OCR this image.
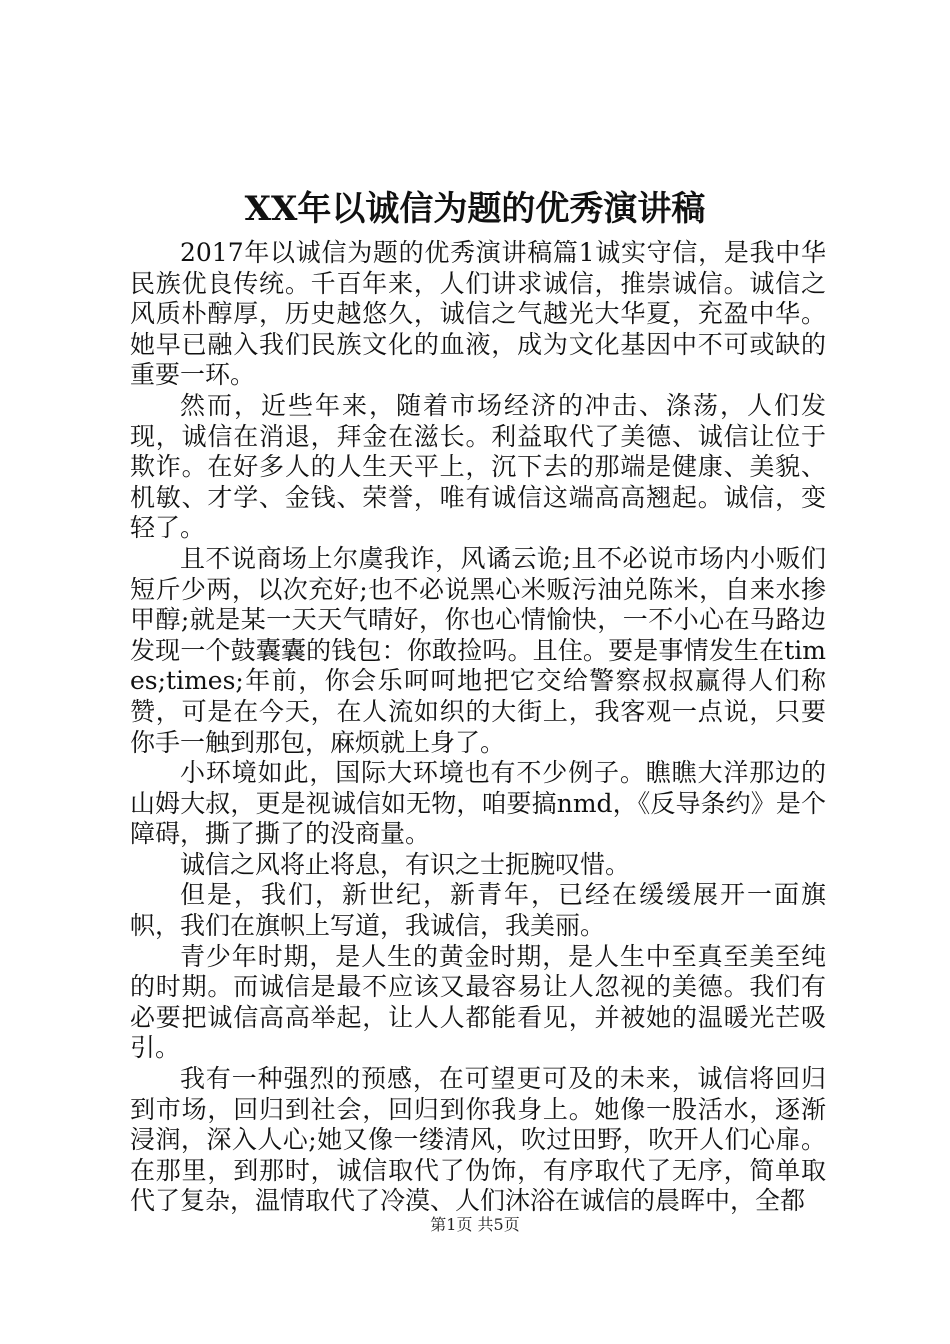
XX年以诚信为题的优秀演讲稿

2017年以诚信为题的优秀演讲稿篇1诚实守信，是我中华民族优良传统。千百年来，人们讲求诚信，推崇诚信。诚信之风质朴醇厚，历史越悠久，诚信之气越光大华夏，充盈中华。她早已融入我们民族文化的血液，成为文化基因中不可或缺的重要一环。

然而，近些年来，随着市场经济的冲击、涤荡，人们发现，诚信在消退，拜金在滋长。利益取代了美德、诚信让位于欺诈。在好多人的人生天平上，沉下去的那端是健康、美貌、机敏、才学、金钱、荣誉，唯有诚信这端高高翘起。诚信，变轻了。

且不说商场上尔虞我诈，风谲云诡;且不必说市场内小贩们短斤少两，以次充好;也不必说黑心米贩污油兑陈米，自来水掺甲醇;就是某一天天气晴好，你也心情愉快，一不小心在马路边发现一个鼓囊囊的钱包：你敢捡吗。且住。要是事情发生在times;times;年前，你会乐呵呵地把它交给警察叔叔赢得人们称赞，可是在今天，在人流如织的大街上，我客观一点说，只要你手一触到那包，麻烦就上身了。

小环境如此，国际大环境也有不少例子。瞧瞧大洋那边的山姆大叔，更是视诚信如无物，咱要搞nmd，《反导条约》是个障碍，撕了撕了的没商量。

诚信之风将止将息，有识之士扼腕叹惜。

但是，我们，新世纪，新青年，已经在缓缓展开一面旗帜，我们在旗帜上写道，我诚信，我美丽。

青少年时期，是人生的黄金时期，是人生中至真至美至纯的时期。而诚信是最不应该又最容易让人忽视的美德。我们有必要把诚信高高举起，让人人都能看见，并被她的温暖光芒吸引。

我有一种强烈的预感，在可望更可及的未来，诚信将回归到市场，回归到社会，回归到你我身上。她像一股活水，逐渐浸润，深入人心;她又像一缕清风，吹过田野，吹开人们心扉。在那里，到那时，诚信取代了伪饰，有序取代了无序，简单取代了复杂，温情取代了冷漠、人们沐浴在诚信的晨晖中，全都

第1页 共5页
